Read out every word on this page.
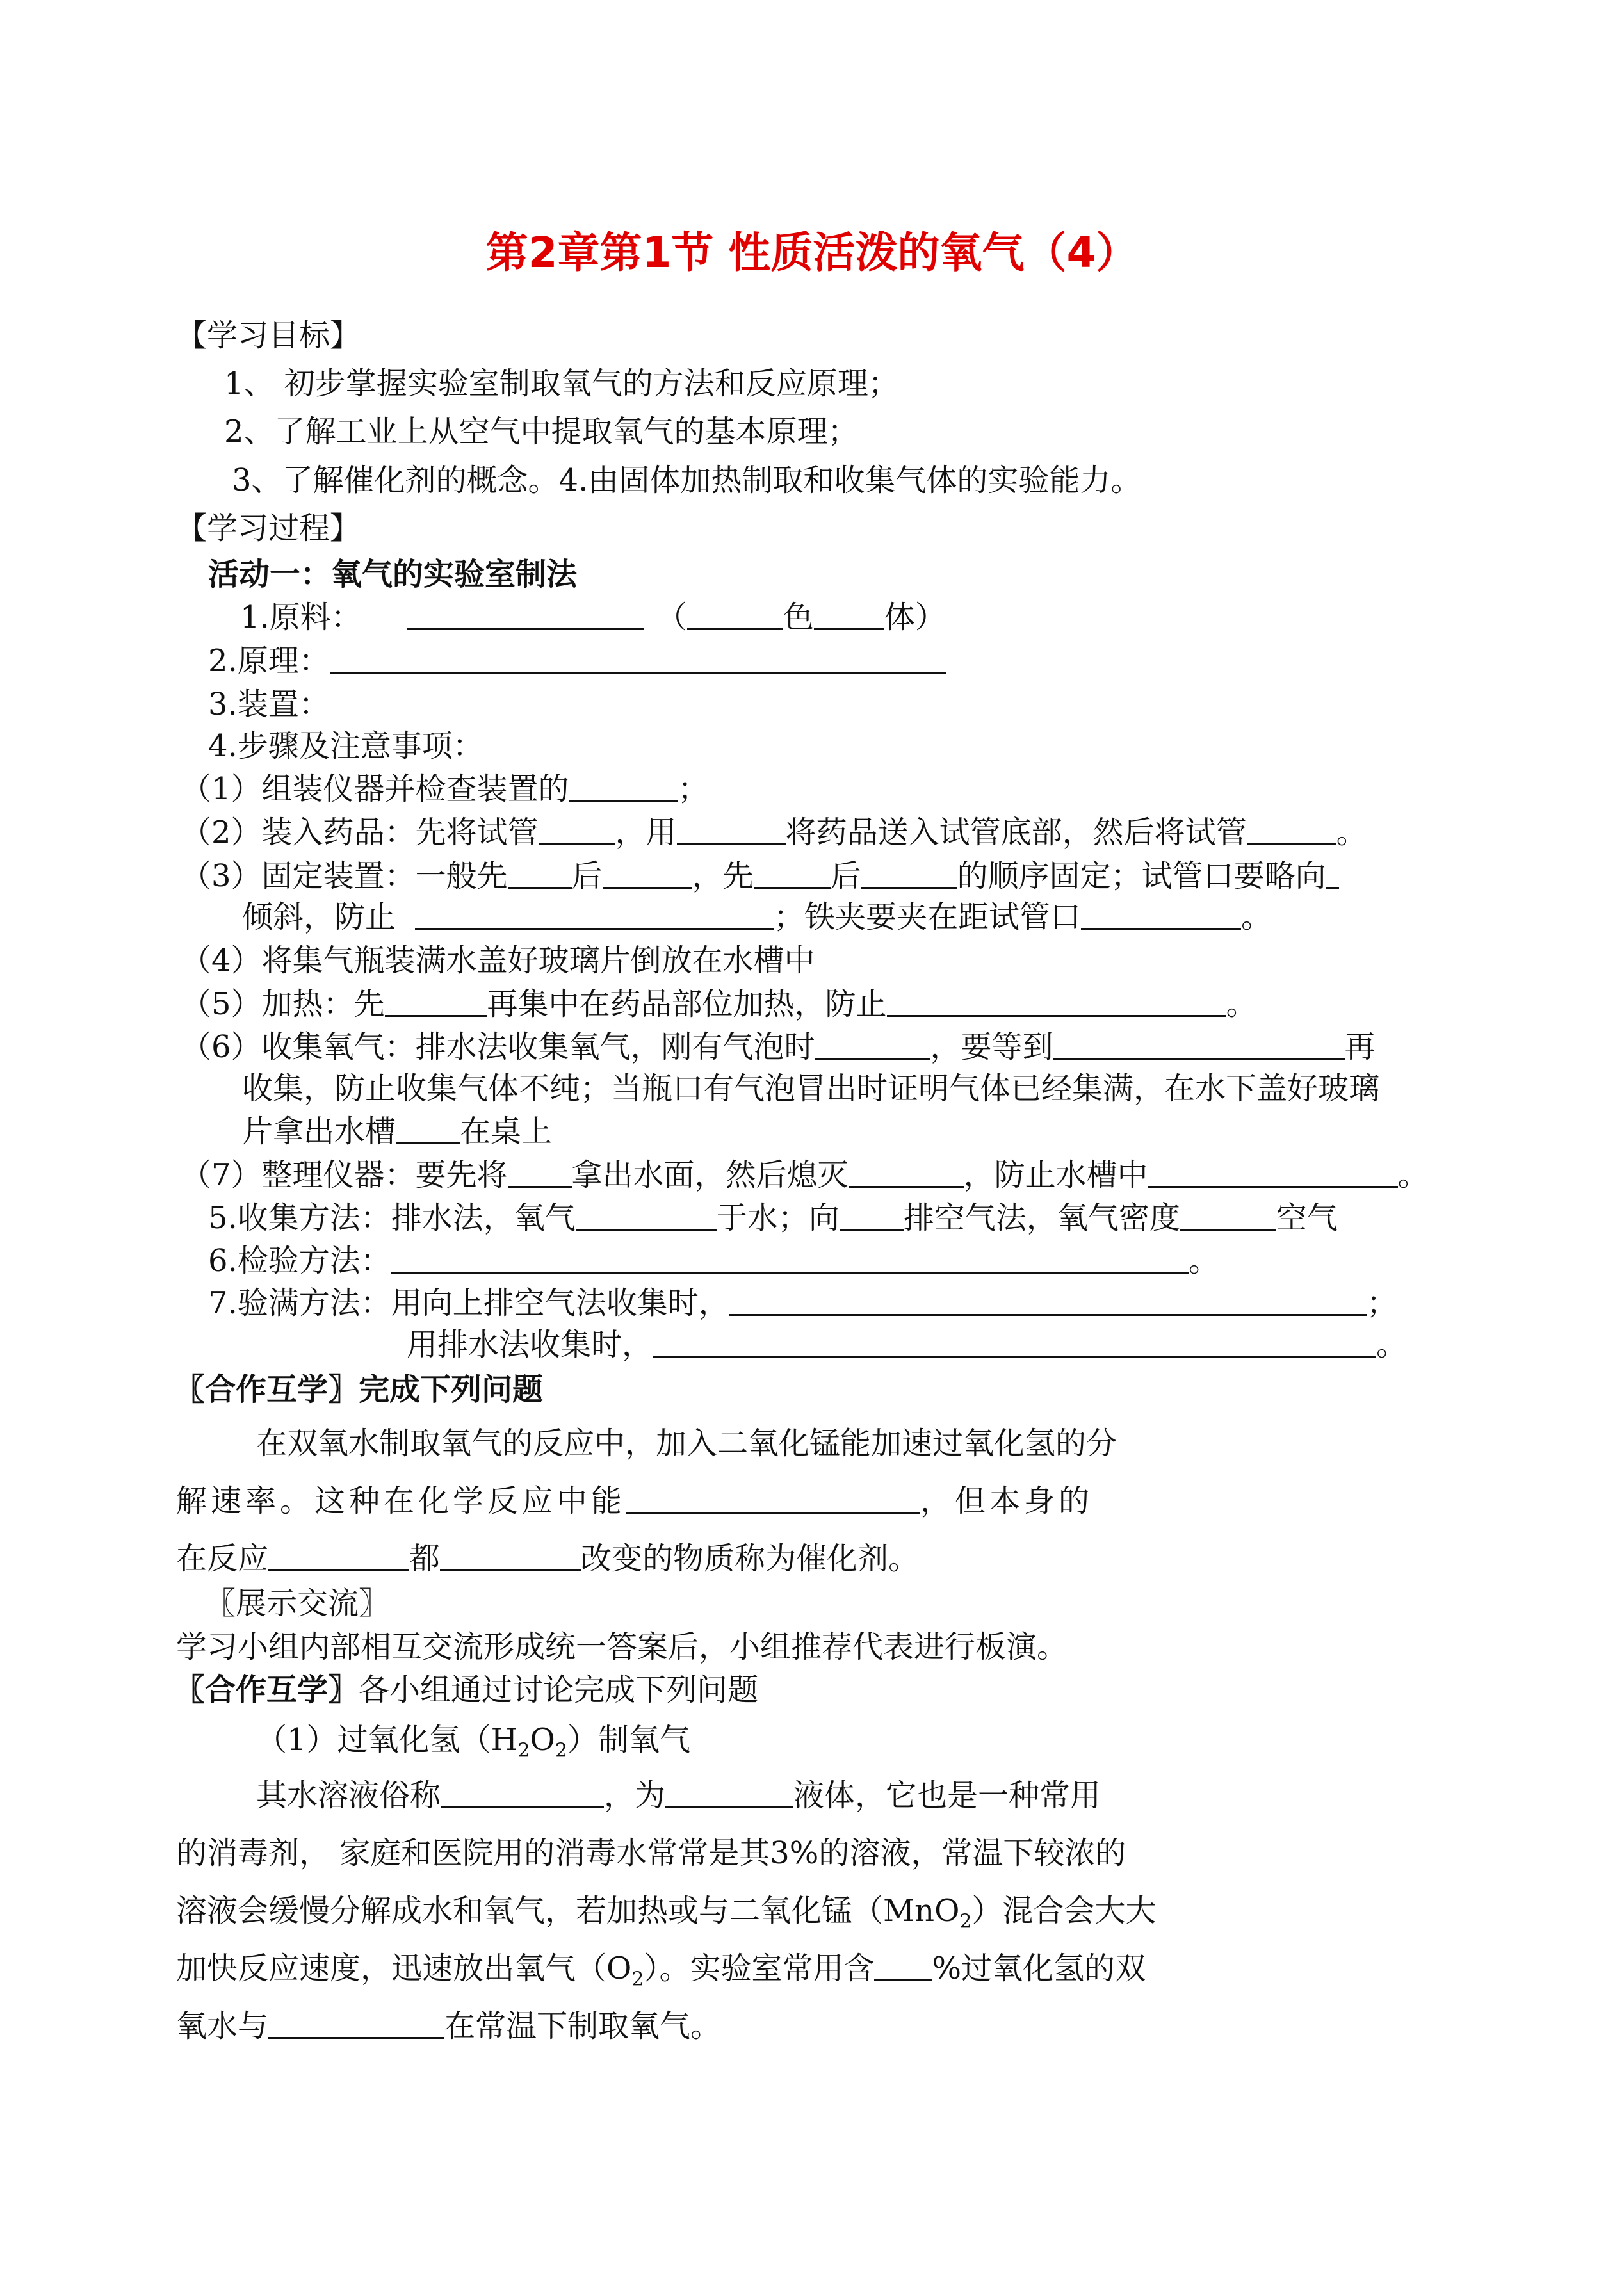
第2章第1节 性质活泼的氧气（4）
【学习目标】
1、 初步掌握实验室制取氧气的方法和反应原理；
2、了解工业上从空气中提取氧气的基本原理；
3、了解催化剂的概念。4.由固体加热制取和收集气体的实验能力。
【学习过程】
活动一：氧气的实验室制法
1.原料：	（	色 体）
2.原理：
3.装置：
4.步骤及注意事项：
（1）组装仪器并检查装置的	；
（2）装入药品：先将试管	，用	将药品送入试管底部，然后将试管	。
（3）固定装置：一般先 后	，先	后	的顺序固定；试管口要略向
倾斜，防止	；铁夹要夹在距试管口	。
（4）将集气瓶装满水盖好玻璃片倒放在水槽中
（5）加热：先	再集中在药品部位加热，防止	。
（6）收集氧气：排水法收集氧气，刚有气泡时	，要等到	再
收集，防止收集气体不纯；当瓶口有气泡冒出时证明气体已经集满，在水下盖好玻璃
片拿出水槽 在桌上
（7）整理仪器：要先将 拿出水面，然后熄灭	，防止水槽中	。
5.收集方法：排水法，氧气	于水；向 排空气法，氧气密度	空气
6.检验方法：	。
7.验满方法：用向上排空气法收集时，	；
用排水法收集时，	。
〖合作互学〗完成下列问题
在双氧水制取氧气的反应中，加入二氧化锰能加速过氧化氢的分
解速率。这种在化学反应中能	，但本身的
在反应	都	改变的物质称为催化剂。
〖展示交流〗
学习小组内部相互交流形成统一答案后，小组推荐代表进行板演。
〖合作互学〗各小组通过讨论完成下列问题
（1）过氧化氢$(H_2O_2)$制氧气
其水溶液俗称	，为	液体，它也是一种常用
的消毒剂， 家庭和医院用的消毒水常常是其3%的溶液，常温下较浓的
溶液会缓慢分解成水和氧气，若加热或与二氧化锰（MnO$_2$）混合会大大
加快反应速度，迅速放出氧气$(O_2)$。实验室常用含 %过氧化氢的双
氧水与	在常温下制取氧气。
